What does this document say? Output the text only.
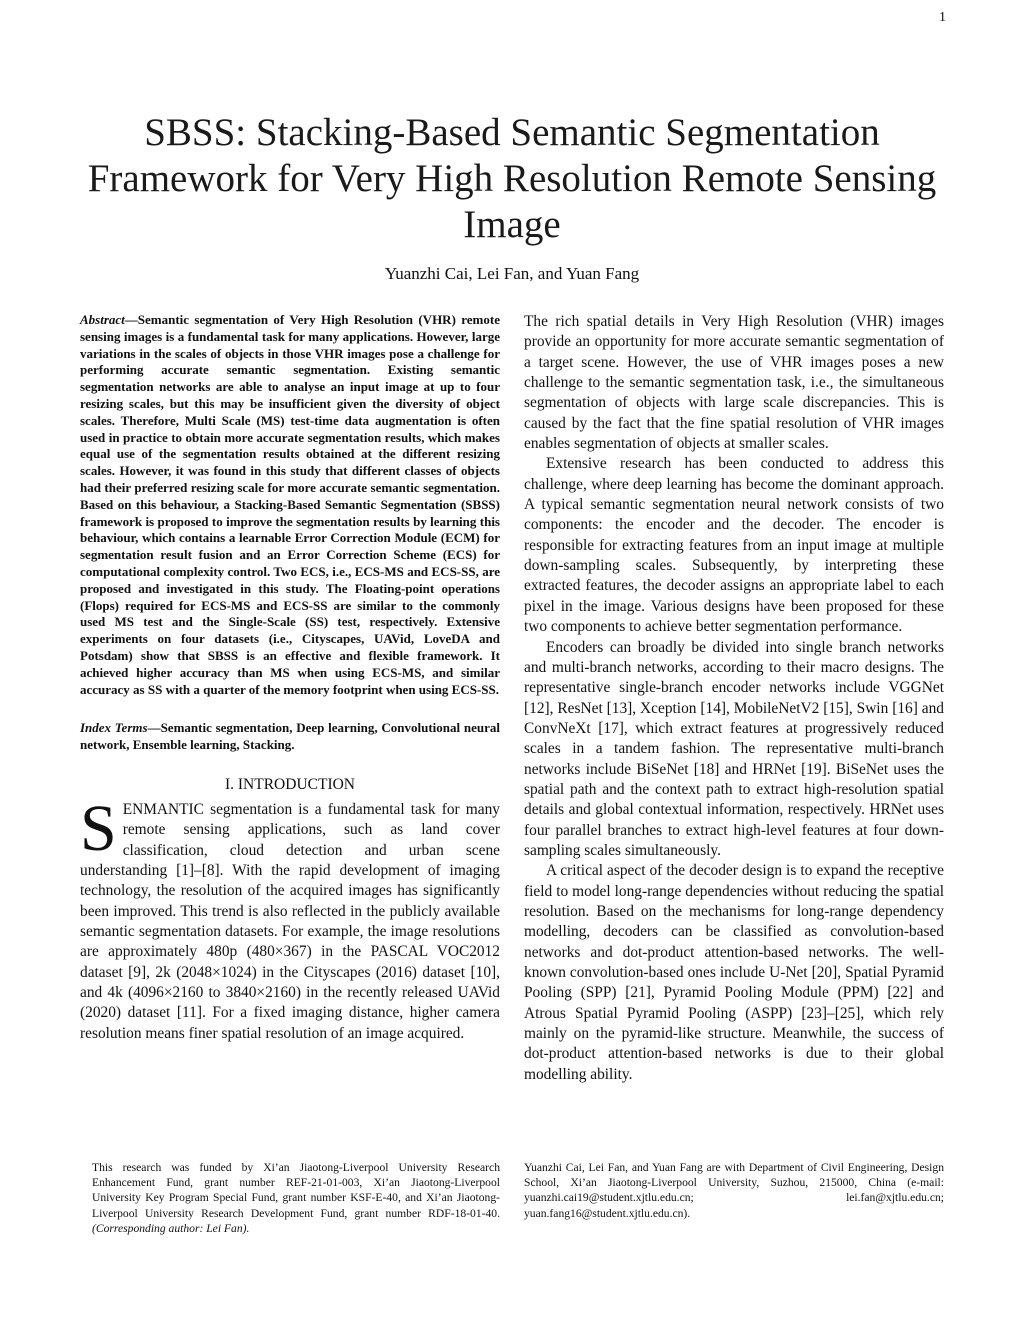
1
SBSS: Stacking-Based Semantic Segmentation Framework for Very High Resolution Remote Sensing Image
Yuanzhi Cai, Lei Fan, and Yuan Fang

Abstract—Semantic segmentation of Very High Resolution (VHR) remote sensing images is a fundamental task for many applications. However, large variations in the scales of objects in those VHR images pose a challenge for performing accurate semantic segmentation. Existing semantic segmentation networks are able to analyse an input image at up to four resizing scales, but this may be insufficient given the diversity of object scales. Therefore, Multi Scale (MS) test-time data augmentation is often used in practice to obtain more accurate segmentation results, which makes equal use of the segmentation results obtained at the different resizing scales. However, it was found in this study that different classes of objects had their preferred resizing scale for more accurate semantic segmentation. Based on this behaviour, a Stacking-Based Semantic Segmentation (SBSS) framework is proposed to improve the segmentation results by learning this behaviour, which contains a learnable Error Correction Module (ECM) for segmentation result fusion and an Error Correction Scheme (ECS) for computational complexity control. Two ECS, i.e., ECS-MS and ECS-SS, are proposed and investigated in this study. The Floating-point operations (Flops) required for ECS-MS and ECS-SS are similar to the commonly used MS test and the Single-Scale (SS) test, respectively. Extensive experiments on four datasets (i.e., Cityscapes, UAVid, LoveDA and Potsdam) show that SBSS is an effective and flexible framework. It achieved higher accuracy than MS when using ECS-MS, and similar accuracy as SS with a quarter of the memory footprint when using ECS-SS.

Index Terms—Semantic segmentation, Deep learning, Convolutional neural network, Ensemble learning, Stacking.

I. INTRODUCTION

SENMANTIC segmentation is a fundamental task for many remote sensing applications, such as land cover classification, cloud detection and urban scene understanding [1]–[8]. With the rapid development of imaging technology, the resolution of the acquired images has significantly been improved. This trend is also reflected in the publicly available semantic segmentation datasets. For example, the image resolutions are approximately 480p (480×367) in the PASCAL VOC2012 dataset [9], 2k (2048×1024) in the Cityscapes (2016) dataset [10], and 4k (4096×2160 to 3840×2160) in the recently released UAVid (2020) dataset [11]. For a fixed imaging distance, higher camera resolution means finer spatial resolution of an image acquired.

The rich spatial details in Very High Resolution (VHR) images provide an opportunity for more accurate semantic segmentation of a target scene. However, the use of VHR images poses a new challenge to the semantic segmentation task, i.e., the simultaneous segmentation of objects with large scale discrepancies. This is caused by the fact that the fine spatial resolution of VHR images enables segmentation of objects at smaller scales.

Extensive research has been conducted to address this challenge, where deep learning has become the dominant approach. A typical semantic segmentation neural network consists of two components: the encoder and the decoder. The encoder is responsible for extracting features from an input image at multiple down-sampling scales. Subsequently, by interpreting these extracted features, the decoder assigns an appropriate label to each pixel in the image. Various designs have been proposed for these two components to achieve better segmentation performance.

Encoders can broadly be divided into single branch networks and multi-branch networks, according to their macro designs. The representative single-branch encoder networks include VGGNet [12], ResNet [13], Xception [14], MobileNetV2 [15], Swin [16] and ConvNeXt [17], which extract features at progressively reduced scales in a tandem fashion. The representative multi-branch networks include BiSeNet [18] and HRNet [19]. BiSeNet uses the spatial path and the context path to extract high-resolution spatial details and global contextual information, respectively. HRNet uses four parallel branches to extract high-level features at four down-sampling scales simultaneously.

A critical aspect of the decoder design is to expand the receptive field to model long-range dependencies without reducing the spatial resolution. Based on the mechanisms for long-range dependency modelling, decoders can be classified as convolution-based networks and dot-product attention-based networks. The well-known convolution-based ones include U-Net [20], Spatial Pyramid Pooling (SPP) [21], Pyramid Pooling Module (PPM) [22] and Atrous Spatial Pyramid Pooling (ASPP) [23]–[25], which rely mainly on the pyramid-like structure. Meanwhile, the success of dot-product attention-based networks is due to their global modelling ability.

This research was funded by Xi’an Jiaotong-Liverpool University Research Enhancement Fund, grant number REF-21-01-003, Xi’an Jiaotong-Liverpool University Key Program Special Fund, grant number KSF-E-40, and Xi’an Jiaotong-Liverpool University Research Development Fund, grant number RDF-18-01-40. (Corresponding author: Lei Fan).

Yuanzhi Cai, Lei Fan, and Yuan Fang are with Department of Civil Engineering, Design School, Xi’an Jiaotong-Liverpool University, Suzhou, 215000, China (e-mail: yuanzhi.cai19@student.xjtlu.edu.cn; lei.fan@xjtlu.edu.cn; yuan.fang16@student.xjtlu.edu.cn).
